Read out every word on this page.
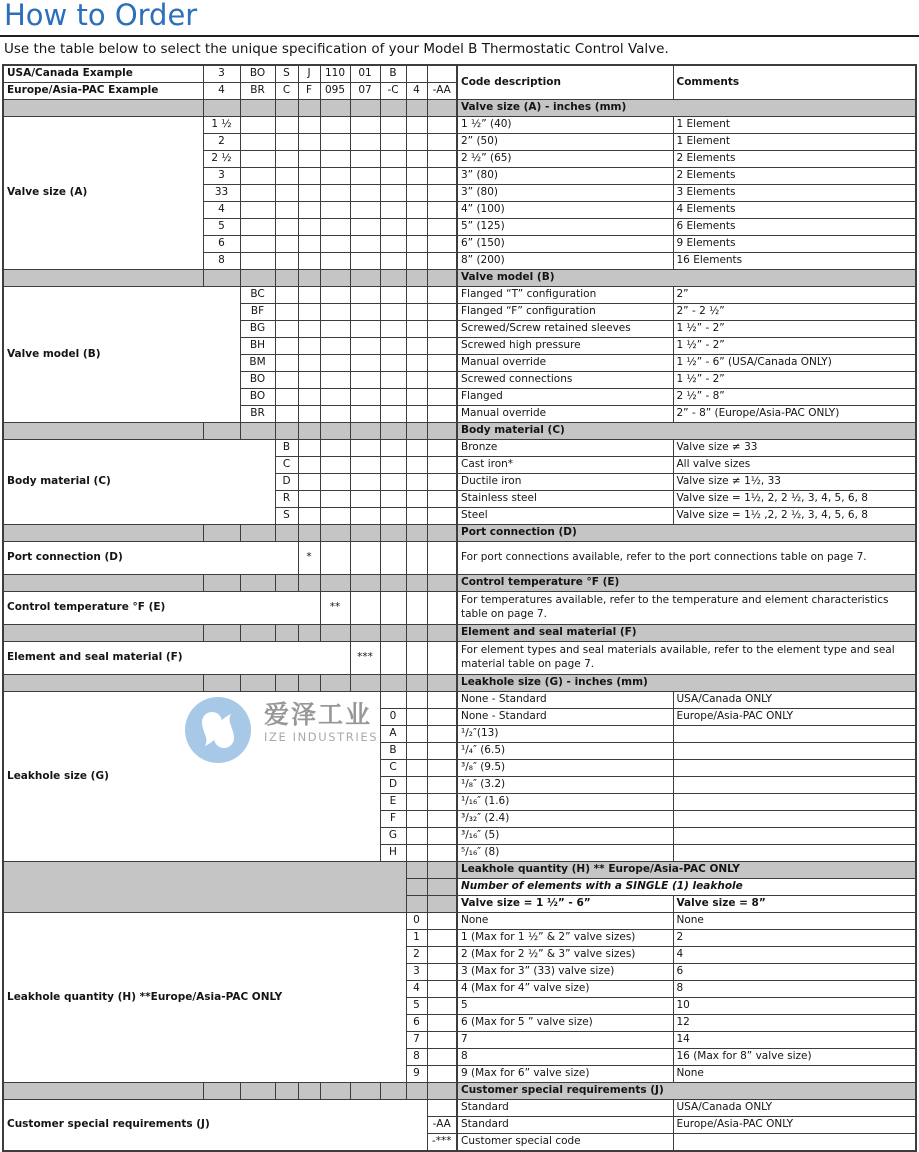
How to Order

Use the table below to select the unique specification of your Model B Thermostatic Control Valve.

USA/Canada Example	3	BO	S	J	110	01	B			Code description	Comments
Europe/Asia-PAC Example	4	BR	C	F	095	07	-C	4	-AA		
										Valve size (A) - inches (mm)	
Valve size (A)	1 ½									1 ½” (40)	1 Element
	2									2” (50)	1 Element
	2 ½									2 ½” (65)	2 Elements
	3									3” (80)	2 Elements
	33									3” (80)	3 Elements
	4									4” (100)	4 Elements
	5									5” (125)	6 Elements
	6									6” (150)	9 Elements
	8									8” (200)	16 Elements
										Valve model (B)	
Valve model (B)		BC								Flanged “T” configuration	2”
		BF								Flanged “F” configuration	2” - 2 ½”
		BG								Screwed/Screw retained sleeves	1 ½” - 2”
		BH								Screwed high pressure	1 ½” - 2”
		BM								Manual override	1 ½” - 6” (USA/Canada ONLY)
		BO								Screwed connections	1 ½” - 2”
		BO								Flanged	2 ½” - 8”
		BR								Manual override	2” - 8” (Europe/Asia-PAC ONLY)
										Body material (C)	
Body material (C)			B							Bronze	Valve size ≠ 33
			C							Cast iron*	All valve sizes
			D							Ductile iron	Valve size ≠ 1½, 33
			R							Stainless steel	Valve size = 1½, 2, 2 ½, 3, 4, 5, 6, 8
			S							Steel	Valve size = 1½ ,2, 2 ½, 3, 4, 5, 6, 8
										Port connection (D)	
Port connection (D)				*						For port connections available, refer to the port connections table on page 7.	
										Control temperature °F (E)	
Control temperature °F (E)					**					For temperatures available, refer to the temperature and element characteristics table on page 7.	
										Element and seal material (F)	
Element and seal material (F)						***				For element types and seal materials available, refer to the element type and seal material table on page 7.	
										Leakhole size (G) - inches (mm)	
Leakhole size (G)										None - Standard	USA/Canada ONLY
							0			None - Standard	Europe/Asia-PAC ONLY
							A			¹/₂″(13)	
							B			¹/₄″ (6.5)	
							C			³/₈″ (9.5)	
							D			¹/₈″ (3.2)	
							E			¹/₁₆″ (1.6)	
							F			³/₃₂″ (2.4)	
							G			³/₁₆″ (5)	
							H			⁵/₁₆″ (8)	
										Leakhole quantity (H) ** Europe/Asia-PAC ONLY	
										Number of elements with a SINGLE (1) leakhole	
										Valve size = 1 ½” - 6”	Valve size = 8”
Leakhole quantity (H) **Europe/Asia-PAC ONLY								0		None	None
								1		1 (Max for 1 ½” & 2” valve sizes)	2
								2		2 (Max for 2 ½” & 3” valve sizes)	4
								3		3 (Max for 3” (33) valve size)	6
								4		4 (Max for 4” valve size)	8
								5		5	10
								6		6 (Max for 5 ” valve size)	12
								7		7	14
								8		8	16 (Max for 8” valve size)
								9		9 (Max for 6” valve size)	None
										Customer special requirements (J)	
Customer special requirements (J)										Standard	USA/Canada ONLY
									-AA	Standard	Europe/Asia-PAC ONLY
									-***	Customer special code	
爱泽工业
IZE INDUSTRIES
